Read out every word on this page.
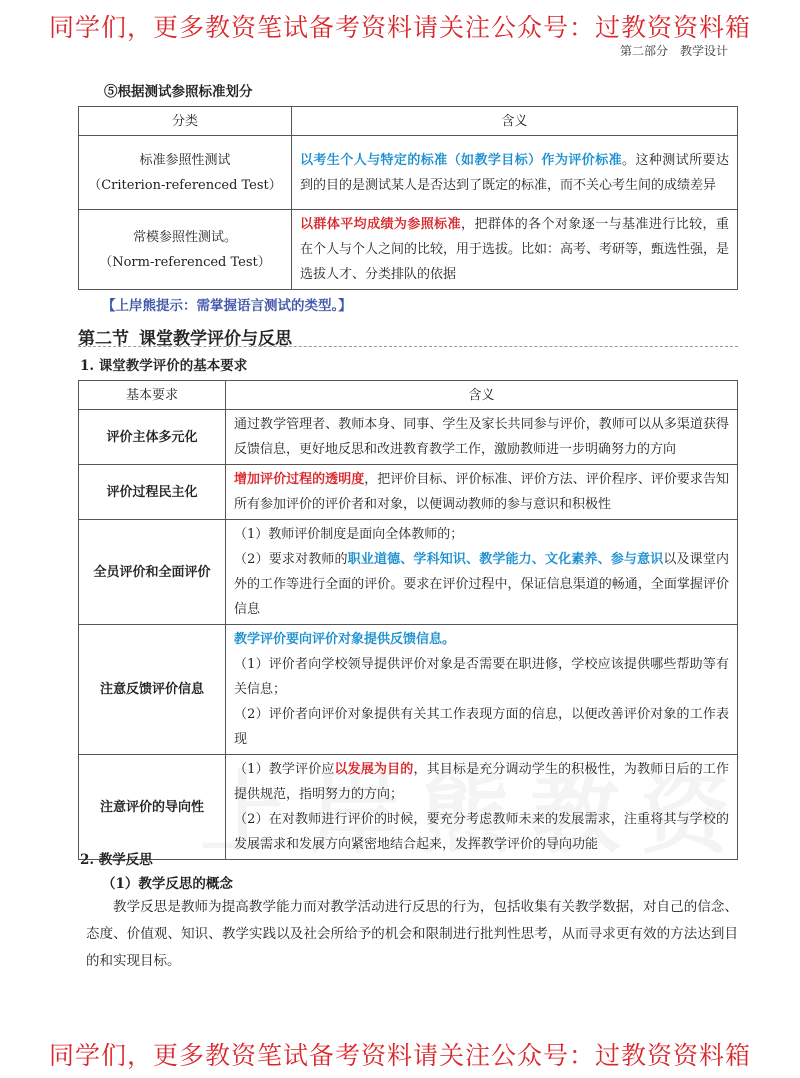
同学们，更多教资笔试备考资料请关注公众号：过教资资料箱
第二部分　教学设计
⑤根据测试参照标准划分
分类	含义

标准参照性测试
（Criterion-referenced Test）	以考生个人与特定的标准（如教学目标）作为评价标准。这种测试所要达到的目的是测试某人是否达到了既定的标准，而不关心考生间的成绩差异

常模参照性测试。
（Norm-referenced Test）	以群体平均成绩为参照标准，把群体的各个对象逐一与基准进行比较，重在个人与个人之间的比较，用于选拔。比如：高考、考研等，甄选性强，是选拔人才、分类排队的依据
【上岸熊提示：需掌握语言测试的类型。】
第二节 课堂教学评价与反思
1. 课堂教学评价的基本要求
基本要求	含义
评价主体多元化	通过教学管理者、教师本身、同事、学生及家长共同参与评价，教师可以从多渠道获得反馈信息，更好地反思和改进教育教学工作，激励教师进一步明确努力的方向
评价过程民主化	增加评价过程的透明度，把评价目标、评价标准、评价方法、评价程序、评价要求告知所有参加评价的评价者和对象，以便调动教师的参与意识和积极性
全员评价和全面评价	（1）教师评价制度是面向全体教师的；
（2）要求对教师的职业道德、学科知识、教学能力、文化素养、参与意识以及课堂内外的工作等进行全面的评价。要求在评价过程中，保证信息渠道的畅通，全面掌握评价信息

注意反馈评价信息	教学评价要向评价对象提供反馈信息。
（1）评价者向学校领导提供评价对象是否需要在职进修，学校应该提供哪些帮助等有关信息；
（2）评价者向评价对象提供有关其工作表现方面的信息，以便改善评价对象的工作表现

注意评价的导向性	（1）教学评价应以发展为目的，其目标是充分调动学生的积极性，为教师日后的工作提供规范，指明努力的方向；
（2）在对教师进行评价的时候，要充分考虑教师未来的发展需求，注重将其与学校的发展需求和发展方向紧密地结合起来，发挥教学评价的导向功能
2. 教学反思
（1）教学反思的概念
教学反思是教师为提高教学能力而对教学活动进行反思的行为，包括收集有关教学数据，对自己的信念、态度、价值观、知识、教学实践以及社会所给予的机会和限制进行批判性思考，从而寻求更有效的方法达到目的和实现目标。
同学们，更多教资笔试备考资料请关注公众号：过教资资料箱
